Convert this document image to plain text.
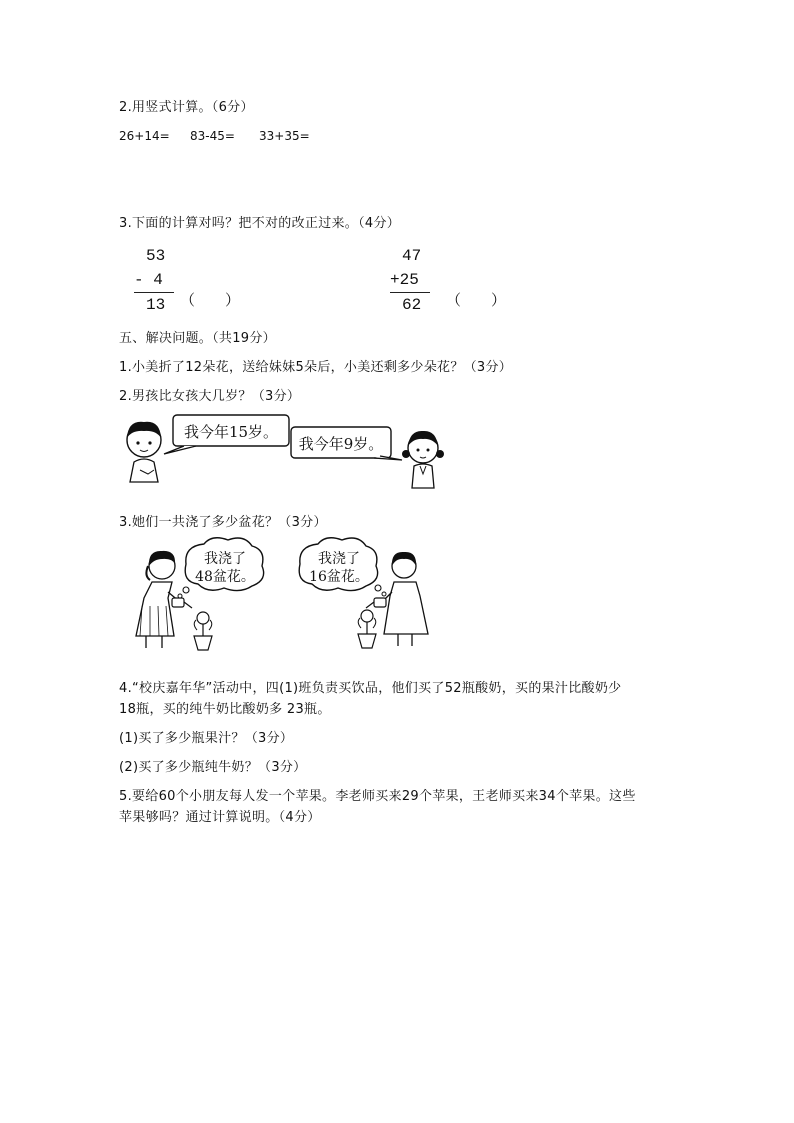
2.用竖式计算。（6分）
26+14= 83-45= 33+35=
3.下面的计算对吗？把不对的改正过来。（4分）
53
- 4
13 （　　）
47
+25
62	（　　）
五、解决问题。（共19分）
1.小美折了12朵花，送给妹妹5朵后，小美还剩多少朵花？（3分）
2.男孩比女孩大几岁？（3分）
我今年15岁。
我今年9岁。
3.她们一共浇了多少盆花？（3分）
我浇了
48盆花。
我浇了
16盆花。
4.“校庆嘉年华”活动中，四(1)班负责买饮品，他们买了52瓶酸奶，买的果汁比酸奶少
18瓶，买的纯牛奶比酸奶多 23瓶。
(1)买了多少瓶果汁？（3分）
(2)买了多少瓶纯牛奶？（3分）
5.要给60个小朋友每人发一个苹果。李老师买来29个苹果，王老师买来34个苹果。这些
苹果够吗？通过计算说明。（4分）
